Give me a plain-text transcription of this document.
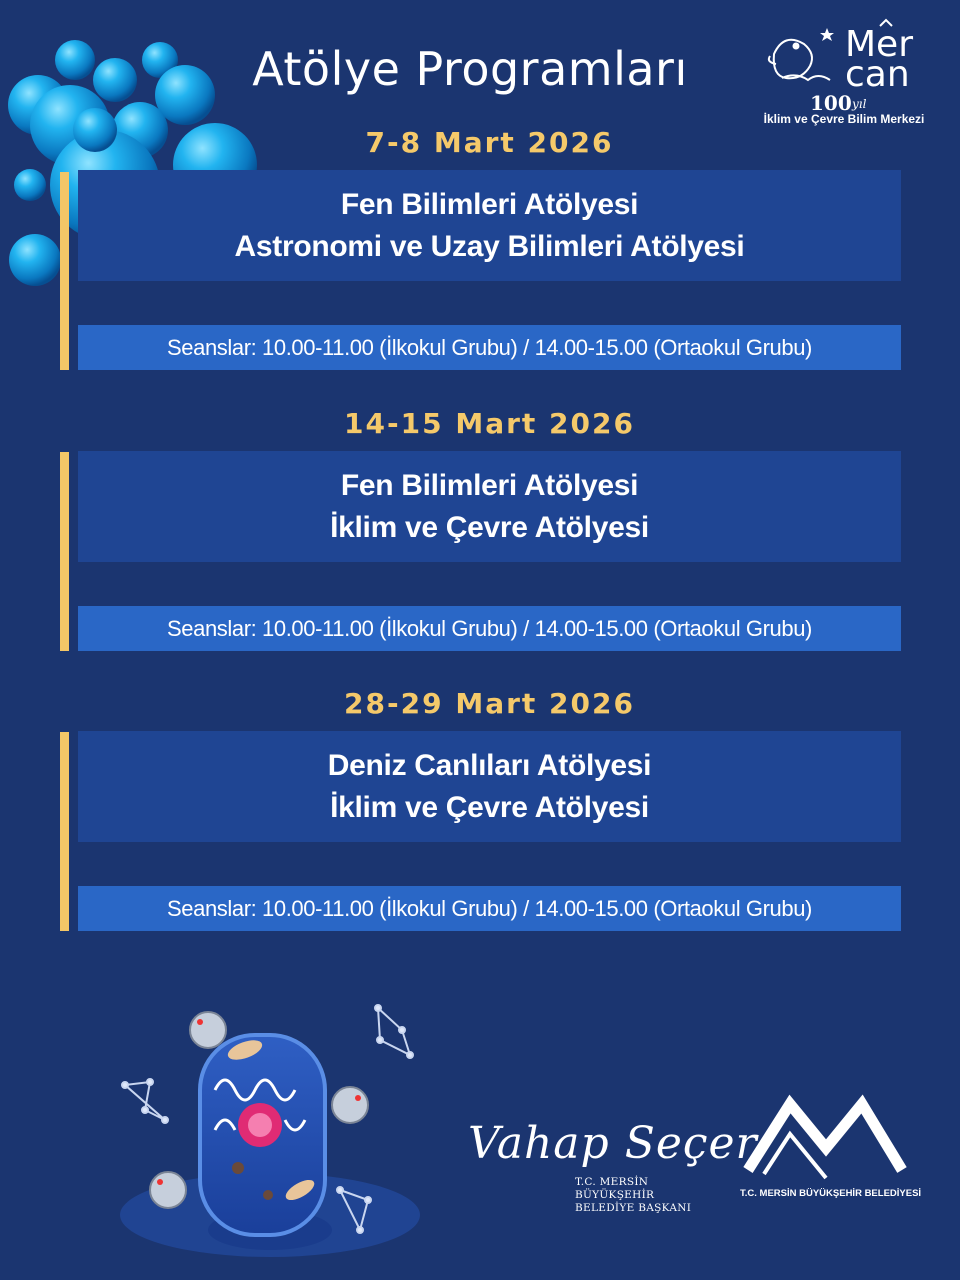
Atölye Programları	Mer
can
100 yıl
İklim ve Çevre Bilim Merkezi
7-8 Mart 2026
Fen Bilimleri Atölyesi
Astronomi ve Uzay Bilimleri Atölyesi
Seanslar: 10.00-11.00 (İlkokul Grubu) / 14.00-15.00 (Ortaokul Grubu)
14-15 Mart 2026
Fen Bilimleri Atölyesi
İklim ve Çevre Atölyesi
Seanslar: 10.00-11.00 (İlkokul Grubu) / 14.00-15.00 (Ortaokul Grubu)
28-29 Mart 2026
Deniz Canlıları Atölyesi
İklim ve Çevre Atölyesi
Seanslar: 10.00-11.00 (İlkokul Grubu) / 14.00-15.00 (Ortaokul Grubu)
Vahap Seçer
T.C. MERSİN BÜYÜKŞEHİR
BELEDİYE BAŞKANI
T.C. MERSİN BÜYÜKŞEHİR BELEDİYESİ
